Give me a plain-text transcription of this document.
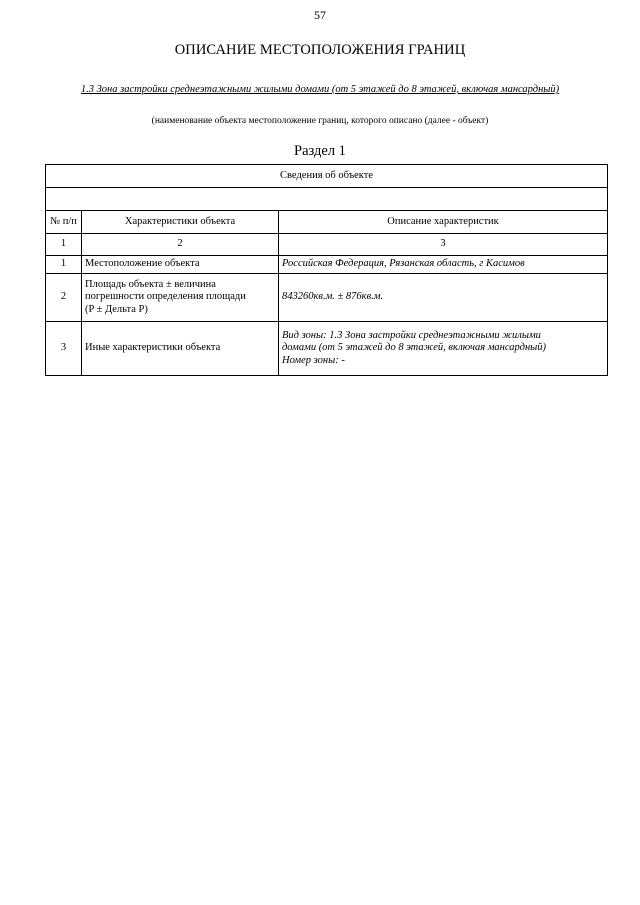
57
ОПИСАНИЕ МЕСТОПОЛОЖЕНИЯ ГРАНИЦ
1.3 Зона застройки среднеэтажными жилыми домами (от 5 этажей до 8 этажей, включая мансардный)
(наименование объекта местоположение границ, которого описано (далее - объект)
Раздел 1
Сведения об объекте		

№ п/п	Характеристики объекта	Описание характеристик
1	2	3
1	Местоположение объекта	Российская Федерация, Рязанская область, г Касимов
2	Площадь объекта ± величина
погрешности определения площади
(P ± Дельта P)	843260кв.м. ± 876кв.м.
3	Иные характеристики объекта	Вид зоны: 1.3 Зона застройки среднеэтажными жилыми
домами (от 5 этажей до 8 этажей, включая мансардный)
Номер зоны: -
